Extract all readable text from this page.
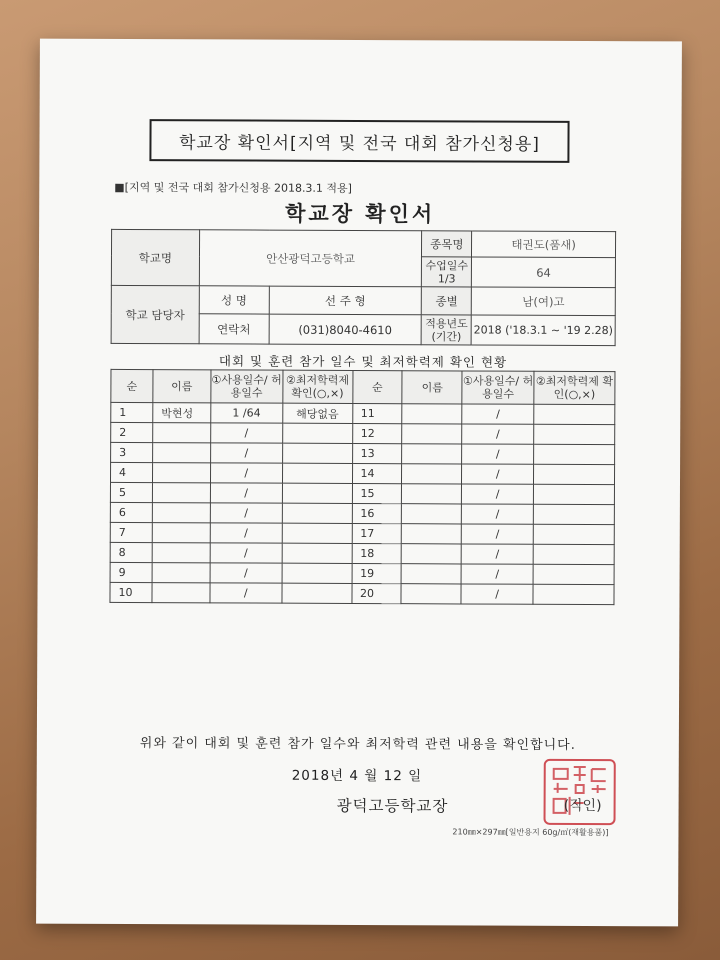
학교장 확인서[지역 및 전국 대회 참가신청용]
■[지역 및 전국 대회 참가신청용 2018.3.1 적용]
학교장 확인서
학교명	안산광덕고등학교		종목명	태권도(품새)
			수업일수 1/3	64
학교 담당자	성 명	선 주 형	종별	남(여)고
	연락처	(031)8040-4610	적용년도 (기간)	2018 ('18.3.1 ~ '19 2.28)
대회 및 훈련 참가 일수 및 최저학력제 확인 현황
순	이름	①사용일수/ 허용일수	②최저학력제 확인(○,×)	순	이름	①사용일수/ 허용일수	②최저학력제 확인(○,×)
1	박현성	1 /64	해당없음	11		/	
2		/		12		/	
3		/		13		/	
4		/		14		/	
5		/		15		/	
6		/		16		/	
7		/		17		/	
8		/		18		/	
9		/		19		/	
10		/		20		/	
위와 같이 대회 및 훈련 참가 일수와 최저학력 관련 내용을 확인합니다.
2018년 4 월 12 일
광덕고등학교장	(직인)
210㎜×297㎜[일반용지 60g/㎡(재활용품)]
